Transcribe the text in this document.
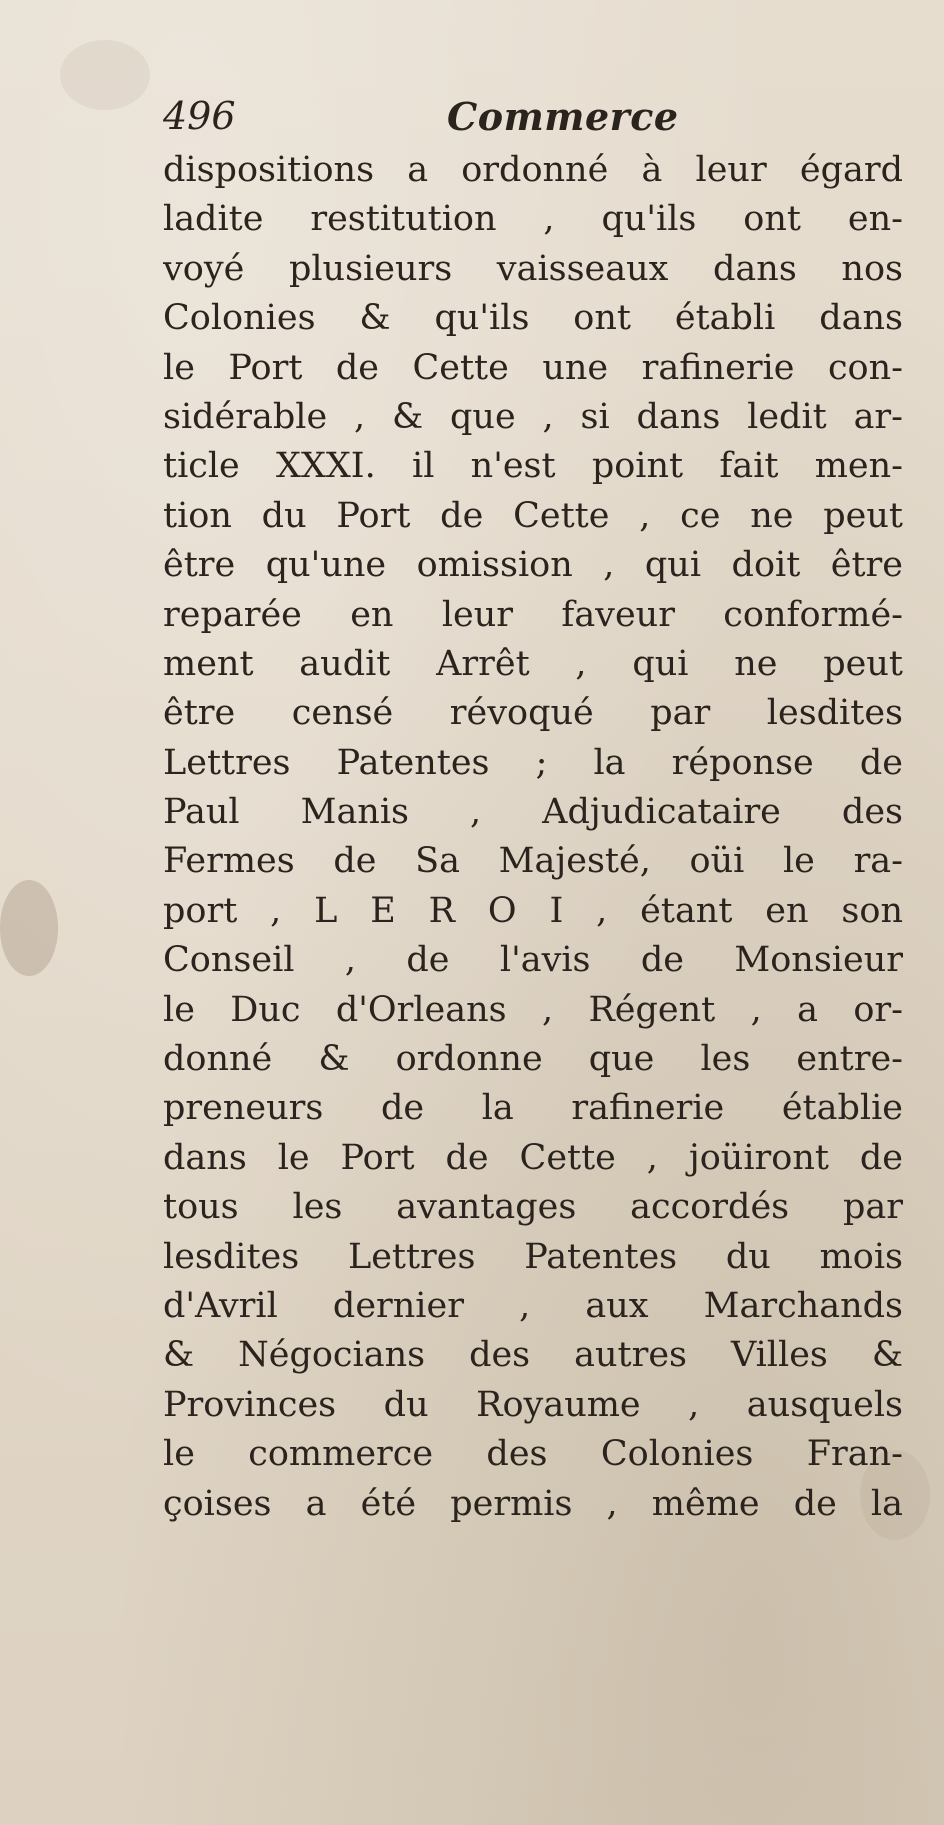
496	Commerce
dispositions a ordonné à leur égard
ladite restitution , qu'ils ont en-
voyé plusieurs vaisseaux dans nos
Colonies & qu'ils ont établi dans
le Port de Cette une rafinerie con-
sidérable , & que , si dans ledit ar-
ticle XXXI. il n'est point fait men-
tion du Port de Cette , ce ne peut
être qu'une omission , qui doit être
reparée en leur faveur conformé-
ment audit Arrêt , qui ne peut
être censé révoqué par lesdites
Lettres Patentes ; la réponse de
Paul Manis , Adjudicataire des
Fermes de Sa Majesté, oüi le ra-
port , L E R O I , étant en son
Conseil , de l'avis de Monsieur
le Duc d'Orleans , Régent , a or-
donné & ordonne que les entre-
preneurs de la rafinerie établie
dans le Port de Cette , joüiront de
tous les avantages accordés par
lesdites Lettres Patentes du mois
d'Avril dernier , aux Marchands
& Négocians des autres Villes &
Provinces du Royaume , ausquels
le commerce des Colonies Fran-
çoises a été permis , même de la
